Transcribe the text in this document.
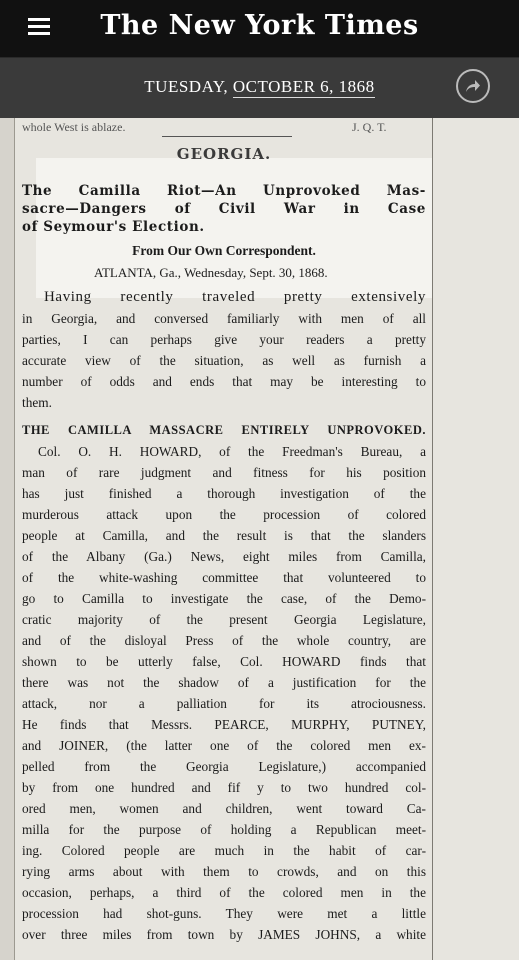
The New York Times
TUESDAY, OCTOBER 6, 1868
whole West is ablaze.	J. Q. T.
GEORGIA.
The Camilla Riot—An Unprovoked Mas-
sacre—Dangers of Civil War in Case
of Seymour's Election.
From Our Own Correspondent.
ATLANTA, Ga., Wednesday, Sept. 30, 1868.
Having recently traveled pretty extensively
in Georgia, and conversed familiarly with men of all
parties, I can perhaps give your readers a pretty
accurate view of the situation, as well as furnish a
number of odds and ends that may be interesting to
them.
THE CAMILLA MASSACRE ENTIRELY UNPROVOKED.
Col. O. H. HOWARD, of the Freedman's Bureau, a
man of rare judgment and fitness for his position
has just finished a thorough investigation of the
murderous attack upon the procession of colored
people at Camilla, and the result is that the slanders
of the Albany (Ga.) News, eight miles from Camilla,
of the white-washing committee that volunteered to
go to Camilla to investigate the case, of the Demo-
cratic majority of the present Georgia Legislature,
and of the disloyal Press of the whole country, are
shown to be utterly false, Col. HOWARD finds that
there was not the shadow of a justification for the
attack, nor a palliation for its atrociousness.
He finds that Messrs. PEARCE, MURPHY, PUTNEY,
and JOINER, (the latter one of the colored men ex-
pelled from the Georgia Legislature,) accompanied
by from one hundred and fif y to two hundred col-
ored men, women and children, went toward Ca-
milla for the purpose of holding a Republican meet-
ing. Colored people are much in the habit of car-
rying arms about with them to crowds, and on this
occasion, perhaps, a third of the colored men in the
procession had shot-guns. They were met a little
over three miles from town by JAMES JOHNS, a white
